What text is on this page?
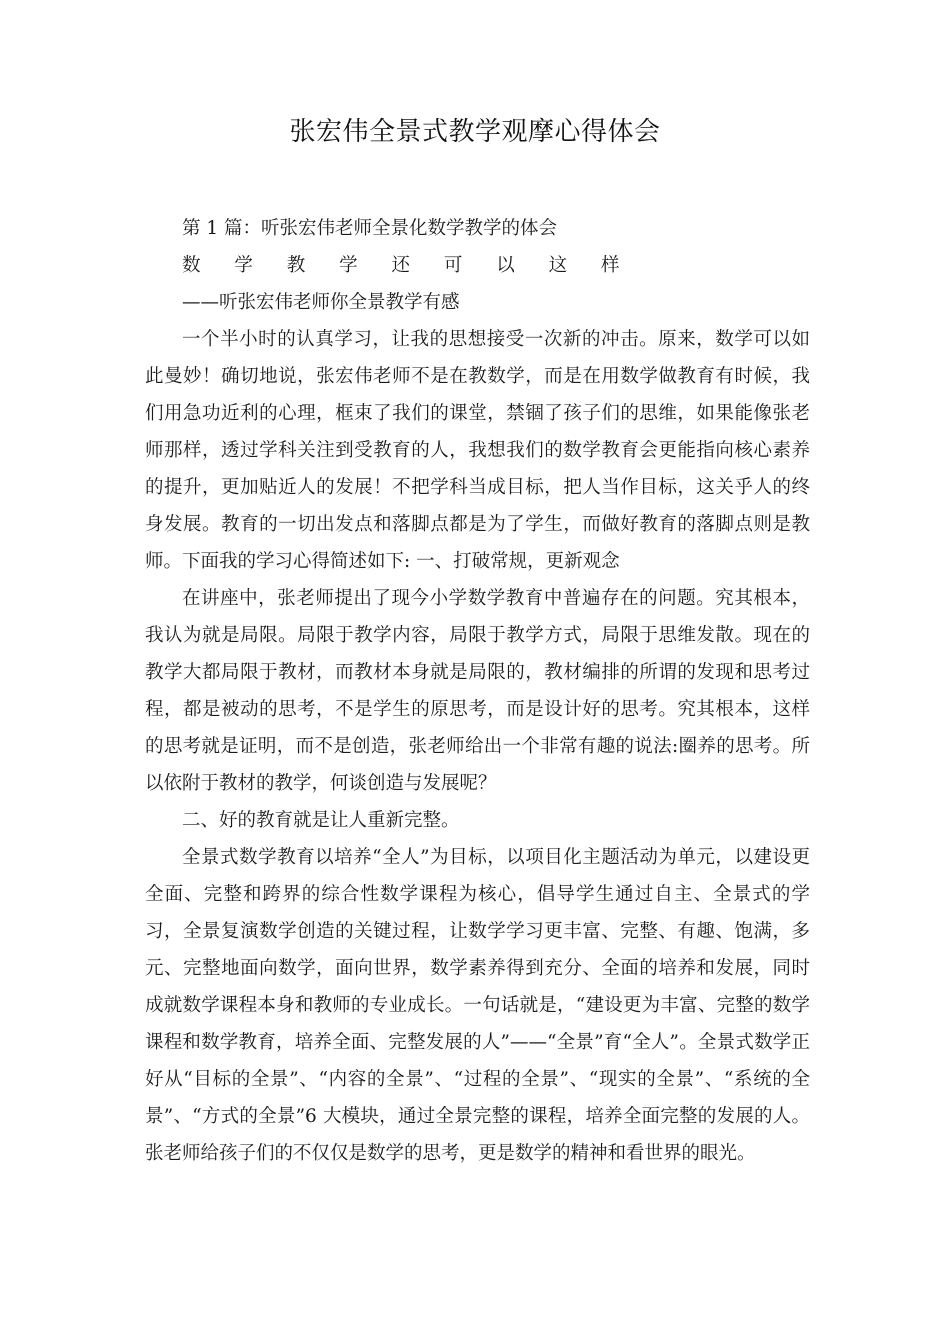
张宏伟全景式教学观摩心得体会

第 1 篇：听张宏伟老师全景化数学教学的体会

数 学 教 学 还 可 以 这 样

——听张宏伟老师你全景教学有感

一个半小时的认真学习，让我的思想接受一次新的冲击。原来，数学可以如此曼妙！确切地说，张宏伟老师不是在教数学，而是在用数学做教育有时候，我们用急功近利的心理，框束了我们的课堂，禁锢了孩子们的思维，如果能像张老师那样，透过学科关注到受教育的人，我想我们的数学教育会更能指向核心素养的提升，更加贴近人的发展！不把学科当成目标，把人当作目标，这关乎人的终身发展。教育的一切出发点和落脚点都是为了学生，而做好教育的落脚点则是教师。下面我的学习心得简述如下: 一、打破常规，更新观念

在讲座中，张老师提出了现今小学数学教育中普遍存在的问题。究其根本，我认为就是局限。局限于教学内容，局限于教学方式，局限于思维发散。现在的教学大都局限于教材，而教材本身就是局限的，教材编排的所谓的发现和思考过程，都是被动的思考，不是学生的原思考，而是设计好的思考。究其根本，这样的思考就是证明，而不是创造，张老师给出一个非常有趣的说法:圈养的思考。所以依附于教材的教学，何谈创造与发展呢？

二、好的教育就是让人重新完整。

全景式数学教育以培养“全人”为目标，以项目化主题活动为单元，以建设更全面、完整和跨界的综合性数学课程为核心，倡导学生通过自主、全景式的学习，全景复演数学创造的关键过程，让数学学习更丰富、完整、有趣、饱满，多元、完整地面向数学，面向世界，数学素养得到充分、全面的培养和发展，同时成就数学课程本身和教师的专业成长。一句话就是，“建设更为丰富、完整的数学课程和数学教育，培养全面、完整发展的人”——“全景”育“全人”。全景式数学正好从“目标的全景”、“内容的全景”、“过程的全景”、“现实的全景”、“系统的全景”、“方式的全景”6 大模块，通过全景完整的课程，培养全面完整的发展的人。张老师给孩子们的不仅仅是数学的思考，更是数学的精神和看世界的眼光。
